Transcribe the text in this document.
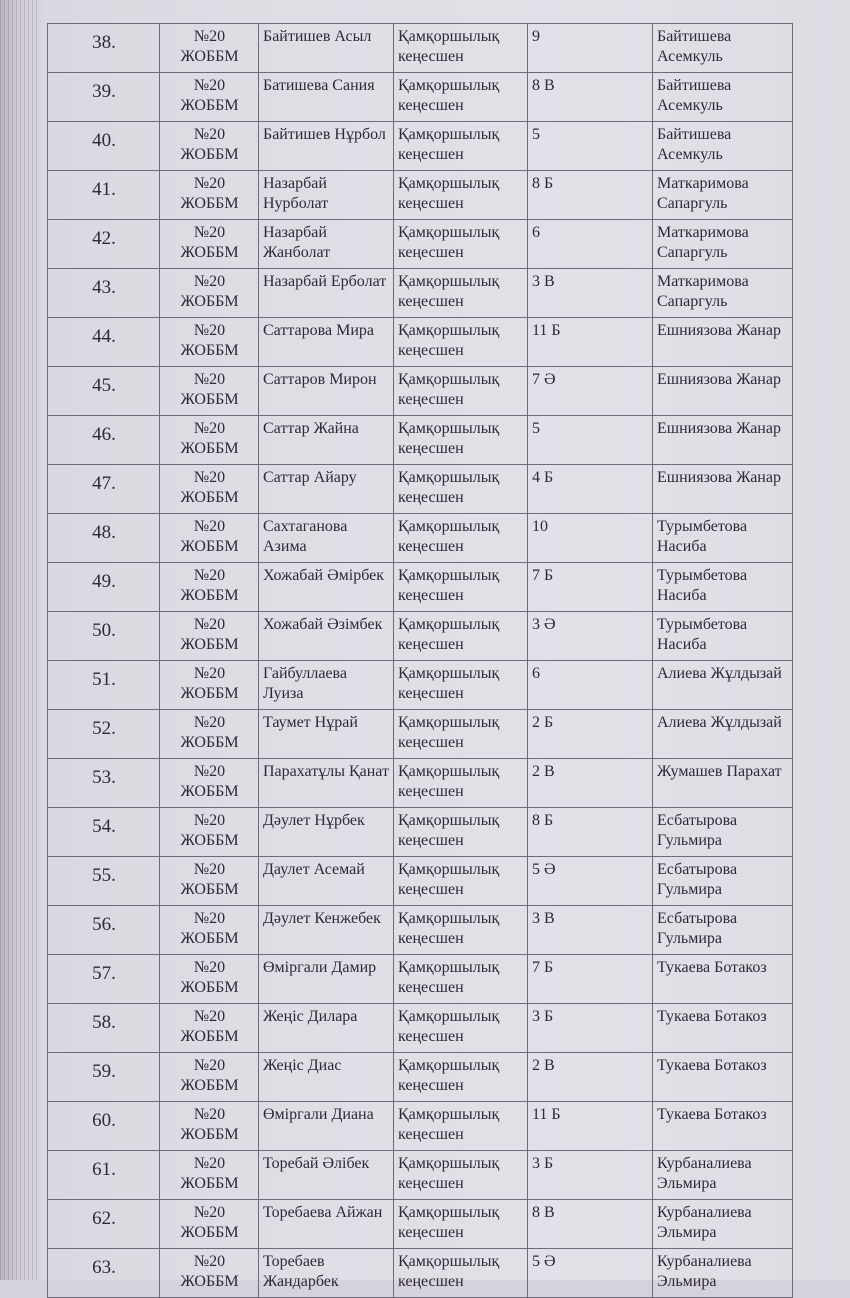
38.	№20 ЖОББМ	Байтишев Асыл	Қамқоршылық кеңесшен	9	Байтишева Асемкуль
39.	№20 ЖОББМ	Батишева Сания	Қамқоршылық кеңесшен	8 В	Байтишева Асемкуль
40.	№20 ЖОББМ	Байтишев Нұрбол	Қамқоршылық кеңесшен	5	Байтишева Асемкуль
41.	№20 ЖОББМ	Назарбай Нурболат	Қамқоршылық кеңесшен	8 Б	Маткаримова Сапаргуль
42.	№20 ЖОББМ	Назарбай Жанболат	Қамқоршылық кеңесшен	6	Маткаримова Сапаргуль
43.	№20 ЖОББМ	Назарбай Ерболат	Қамқоршылық кеңесшен	3 В	Маткаримова Сапаргуль
44.	№20 ЖОББМ	Саттарова Мира	Қамқоршылық кеңесшен	11 Б	Ешниязова Жанар
45.	№20 ЖОББМ	Саттаров Мирон	Қамқоршылық кеңесшен	7 Ә	Ешниязова Жанар
46.	№20 ЖОББМ	Саттар Жайна	Қамқоршылық кеңесшен	5	Ешниязова Жанар
47.	№20 ЖОББМ	Саттар Айару	Қамқоршылық кеңесшен	4 Б	Ешниязова Жанар
48.	№20 ЖОББМ	Сахтаганова Азима	Қамқоршылық кеңесшен	10	Турымбетова Насиба
49.	№20 ЖОББМ	Хожабай Әмірбек	Қамқоршылық кеңесшен	7 Б	Турымбетова Насиба
50.	№20 ЖОББМ	Хожабай Әзімбек	Қамқоршылық кеңесшен	3 Ә	Турымбетова Насиба
51.	№20 ЖОББМ	Гайбуллаева Луиза	Қамқоршылық кеңесшен	6	Алиева Жұлдызай
52.	№20 ЖОББМ	Таумет Нұрай	Қамқоршылық кеңесшен	2 Б	Алиева Жұлдызай
53.	№20 ЖОББМ	Парахатұлы Қанат	Қамқоршылық кеңесшен	2 В	Жумашев Парахат
54.	№20 ЖОББМ	Дәулет Нұрбек	Қамқоршылық кеңесшен	8 Б	Есбатырова Гульмира
55.	№20 ЖОББМ	Даулет Асемай	Қамқоршылық кеңесшен	5 Ә	Есбатырова Гульмира
56.	№20 ЖОББМ	Дәулет Кенжебек	Қамқоршылық кеңесшен	3 В	Есбатырова Гульмира
57.	№20 ЖОББМ	Өміргали Дамир	Қамқоршылық кеңесшен	7 Б	Тукаева Ботакоз
58.	№20 ЖОББМ	Жеңіс Дилара	Қамқоршылық кеңесшен	3 Б	Тукаева Ботакоз
59.	№20 ЖОББМ	Жеңіс Диас	Қамқоршылық кеңесшен	2 В	Тукаева Ботакоз
60.	№20 ЖОББМ	Өміргали Диана	Қамқоршылық кеңесшен	11 Б	Тукаева Ботакоз
61.	№20 ЖОББМ	Торебай Әлібек	Қамқоршылық кеңесшен	3 Б	Курбаналиева Эльмира
62.	№20 ЖОББМ	Торебаева Айжан	Қамқоршылық кеңесшен	8 В	Курбаналиева Эльмира
63.	№20 ЖОББМ	Торебаев Жандарбек	Қамқоршылық кеңесшен	5 Ә	Курбаналиева Эльмира
